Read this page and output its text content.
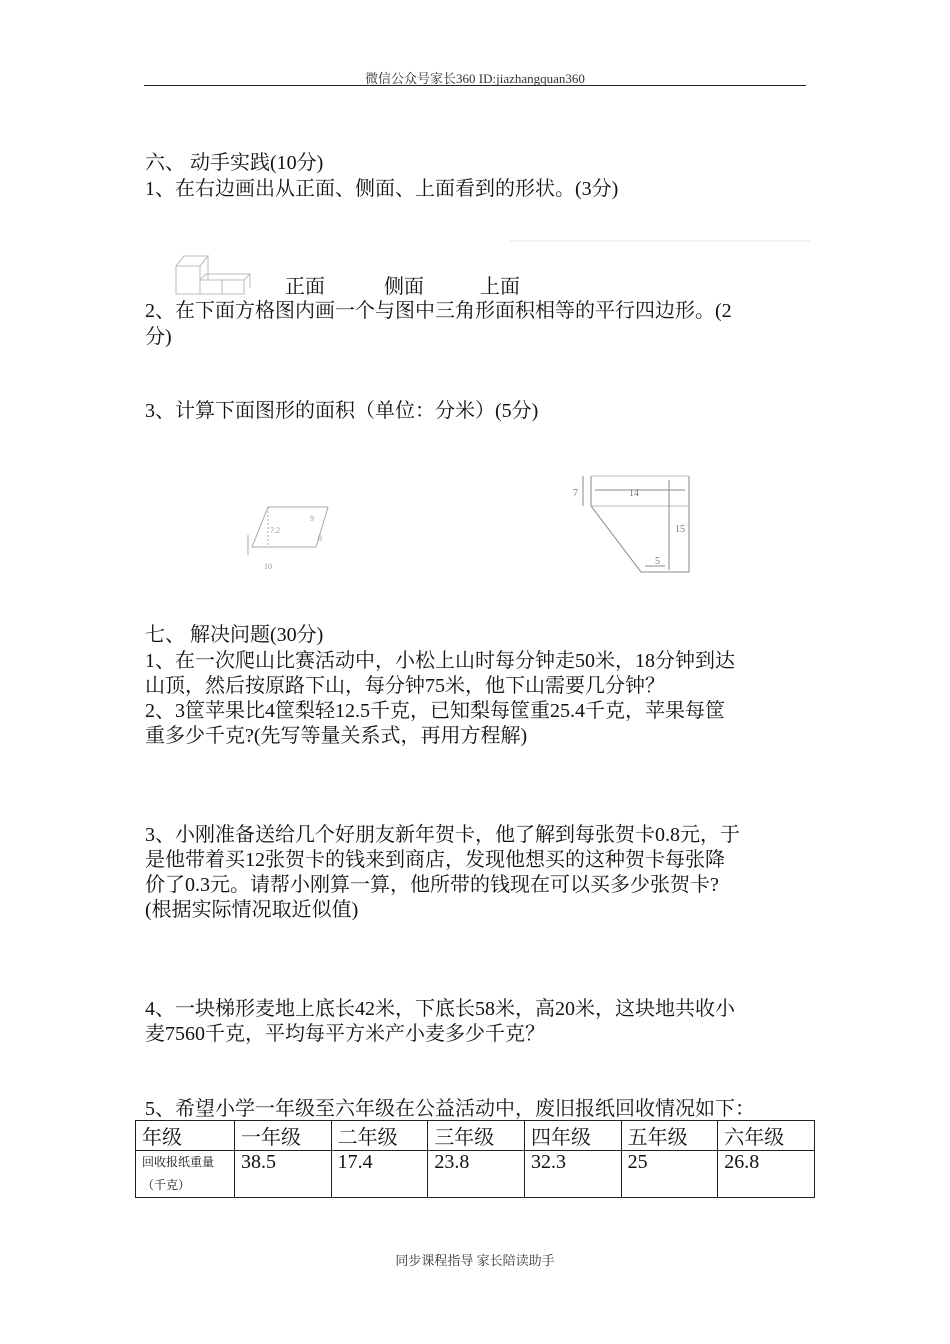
微信公众号家长360 ID:jiazhangquan360
六、 动手实践(10分)
1、在右边画出从正面、侧面、上面看到的形状。(3分)
正面	侧面	上面
2、在下面方格图内画一个与图中三角形面积相等的平行四边形。(2
分)
3、计算下面图形的面积（单位：分米）(5分)
7.2
9
8
10
14
7
15
5
七、 解决问题(30分)
1、在一次爬山比赛活动中，小松上山时每分钟走50米，18分钟到达
山顶，然后按原路下山，每分钟75米，他下山需要几分钟？
2、3筐苹果比4筐梨轻12.5千克，已知梨每筐重25.4千克，苹果每筐
重多少千克?(先写等量关系式，再用方程解)
3、小刚准备送给几个好朋友新年贺卡，他了解到每张贺卡0.8元，于
是他带着买12张贺卡的钱来到商店，发现他想买的这种贺卡每张降
价了0.3元。请帮小刚算一算，他所带的钱现在可以买多少张贺卡?
(根据实际情况取近似值)
4、一块梯形麦地上底长42米，下底长58米，高20米，这块地共收小
麦7560千克，平均每平方米产小麦多少千克？
5、希望小学一年级至六年级在公益活动中，废旧报纸回收情况如下：
年级	一年级	二年级	三年级	四年级	五年级	六年级
回收报纸重量（千克）	38.5	17.4	23.8	32.3	25	26.8
同步课程指导 家长陪读助手
